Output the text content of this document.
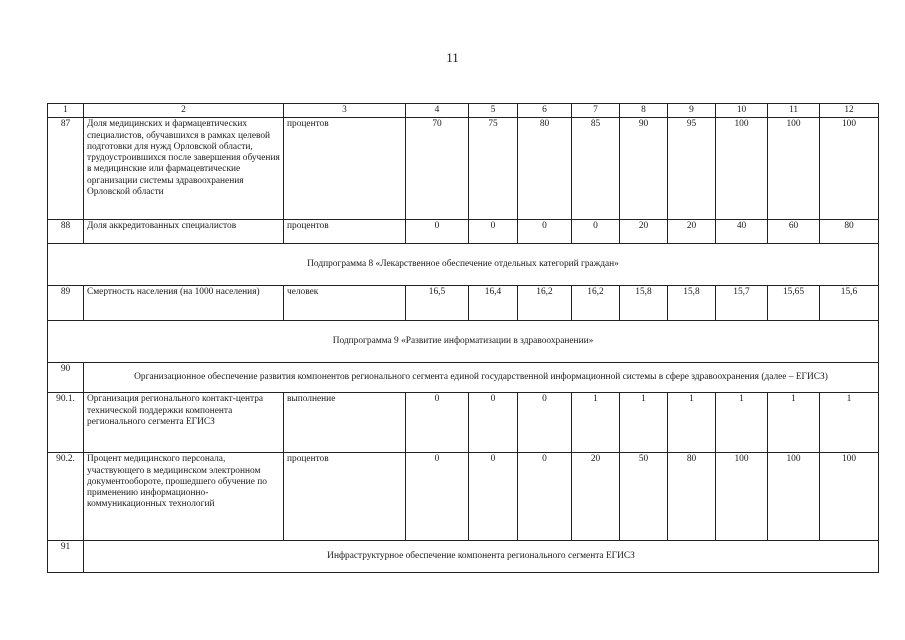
11
1	2	3	4	5	6	7	8	9	10	11	12
87	Доля медицинских и фармацевтических специалистов, обучавшихся в рамках целевой подготовки для нужд Орловской области, трудоустроившихся после завершения обучения в медицинские или фармацевтические организации системы здравоохранения Орловской области	процентов	70	75	80	85	90	95	100	100	100
88	Доля аккредитованных специалистов	процентов	0	0	0	0	20	20	40	60	80
Подпрограмма 8 «Лекарственное обеспечение отдельных категорий граждан»											
89	Смертность населения (на 1000 населения)	человек	16,5	16,4	16,2	16,2	15,8	15,8	15,7	15,65	15,6
Подпрограмма 9 «Развитие информатизации в здравоохранении»											
90	Организационное обеспечение развития компонентов регионального сегмента единой государственной информационной системы в сфере здравоохранения (далее – ЕГИСЗ)										
90.1.	Организация регионального контакт-центра технической поддержки компонента регионального сегмента ЕГИСЗ	выполнение	0	0	0	1	1	1	1	1	1
90.2.	Процент медицинского персонала, участвующего в медицинском электронном документообороте, прошедшего обучение по применению информационно-коммуникационных технологий	процентов	0	0	0	20	50	80	100	100	100
91	Инфраструктурное обеспечение компонента регионального сегмента ЕГИСЗ										
